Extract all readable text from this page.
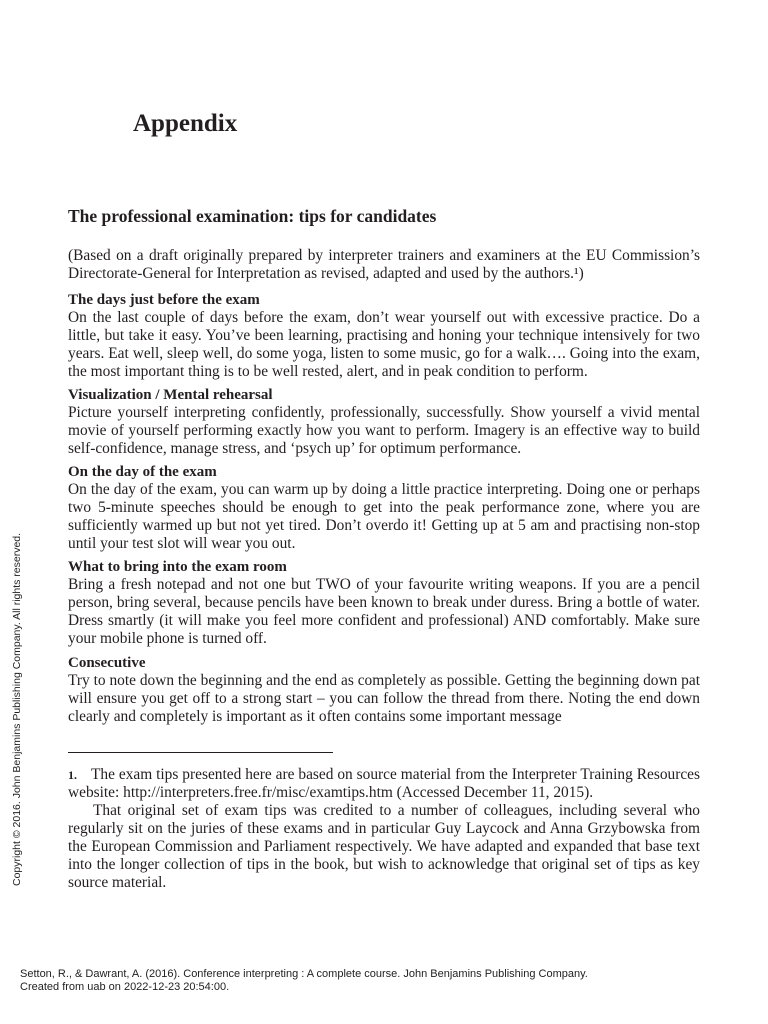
Appendix
The professional examination: tips for candidates

(Based on a draft originally prepared by interpreter trainers and examiners at the EU Commission’s Directorate-General for Interpretation as revised, adapted and used by the authors.¹)

The days just before the exam

On the last couple of days before the exam, don’t wear yourself out with excessive practice. Do a little, but take it easy. You’ve been learning, practising and honing your technique intensively for two years. Eat well, sleep well, do some yoga, listen to some music, go for a walk…. Going into the exam, the most important thing is to be well rested, alert, and in peak condition to perform.

Visualization / Mental rehearsal

Picture yourself interpreting confidently, professionally, successfully. Show yourself a vivid mental movie of yourself performing exactly how you want to perform. Imagery is an effective way to build self-confidence, manage stress, and ‘psych up’ for optimum performance.

On the day of the exam

On the day of the exam, you can warm up by doing a little practice interpreting. Doing one or perhaps two 5-minute speeches should be enough to get into the peak performance zone, where you are sufficiently warmed up but not yet tired. Don’t overdo it! Getting up at 5 am and practising non-stop until your test slot will wear you out.

What to bring into the exam room

Bring a fresh notepad and not one but TWO of your favourite writing weapons. If you are a pencil person, bring several, because pencils have been known to break under duress. Bring a bottle of water. Dress smartly (it will make you feel more confident and professional) AND comfortably. Make sure your mobile phone is turned off.

Consecutive

Try to note down the beginning and the end as completely as possible. Getting the beginning down pat will ensure you get off to a strong start – you can follow the thread from there. Noting the end down clearly and completely is important as it often contains some important message

1. The exam tips presented here are based on source material from the Interpreter Training Resources website: http://interpreters.free.fr/misc/examtips.htm (Accessed December 11, 2015).

That original set of exam tips was credited to a number of colleagues, including several who regularly sit on the juries of these exams and in particular Guy Laycock and Anna Grzybowska from the European Commission and Parliament respectively. We have adapted and expanded that base text into the longer collection of tips in the book, but wish to acknowledge that original set of tips as key source material.

Copyright © 2016. John Benjamins Publishing Company. All rights reserved.
Setton, R., & Dawrant, A. (2016). Conference interpreting : A complete course. John Benjamins Publishing Company.
Created from uab on 2022-12-23 20:54:00.
